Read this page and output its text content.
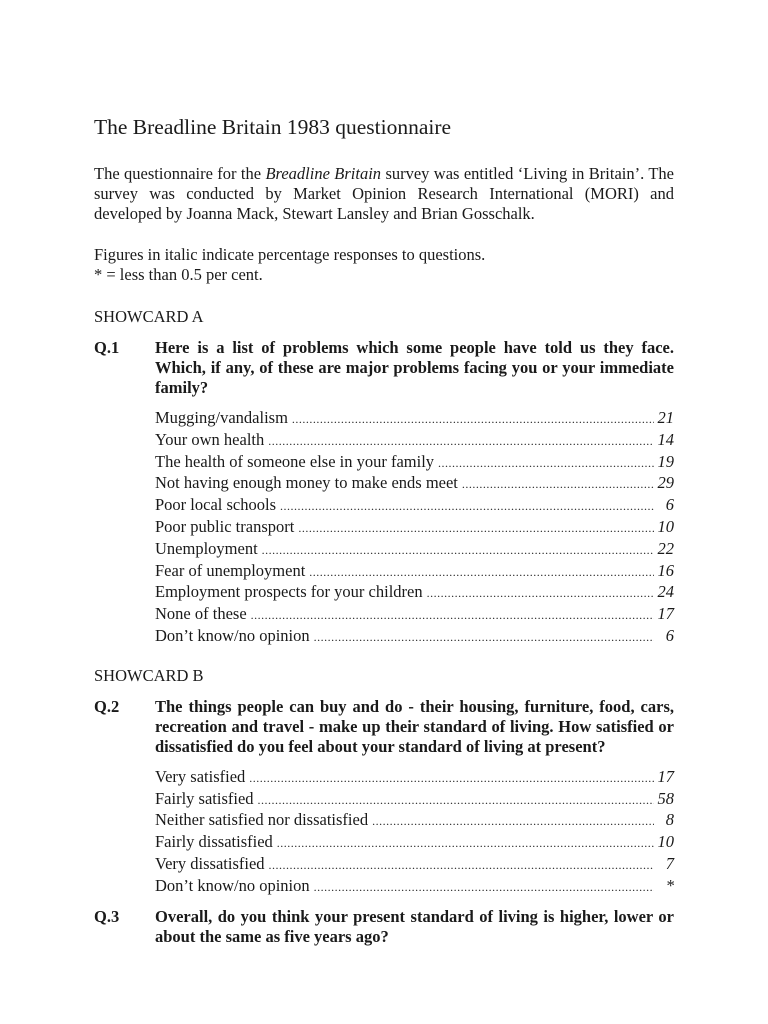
The Breadline Britain 1983 questionnaire

The questionnaire for the Breadline Britain survey was entitled ‘Living in Britain’. The survey was conducted by Market Opinion Research International (MORI) and developed by Joanna Mack, Stewart Lansley and Brian Gosschalk.

Figures in italic indicate percentage responses to questions.
* = less than 0.5 per cent.
SHOWCARD A
Q.1	Here is a list of problems which some people have told us they face. Which, if any, of these are major problems facing you or your immediate family?
Mugging/vandalism .....	21
Your own health .....	14
The health of someone else in your family .....	19
Not having enough money to make ends meet .....	29
Poor local schools .....	6
Poor public transport .....	10
Unemployment .....	22
Fear of unemployment .....	16
Employment prospects for your children .....	24
None of these .....	17
Don’t know/no opinion .....	6
SHOWCARD B
Q.2	The things people can buy and do - their housing, furniture, food, cars, recreation and travel - make up their standard of living. How satisfied or dissatisfied do you feel about your standard of living at present?
Very satisfied .....	17
Fairly satisfied .....	58
Neither satisfied nor dissatisfied .....	8
Fairly dissatisfied .....	10
Very dissatisfied .....	7
Don’t know/no opinion .....	*
Q.3	Overall, do you think your present standard of living is higher, lower or about the same as five years ago?
